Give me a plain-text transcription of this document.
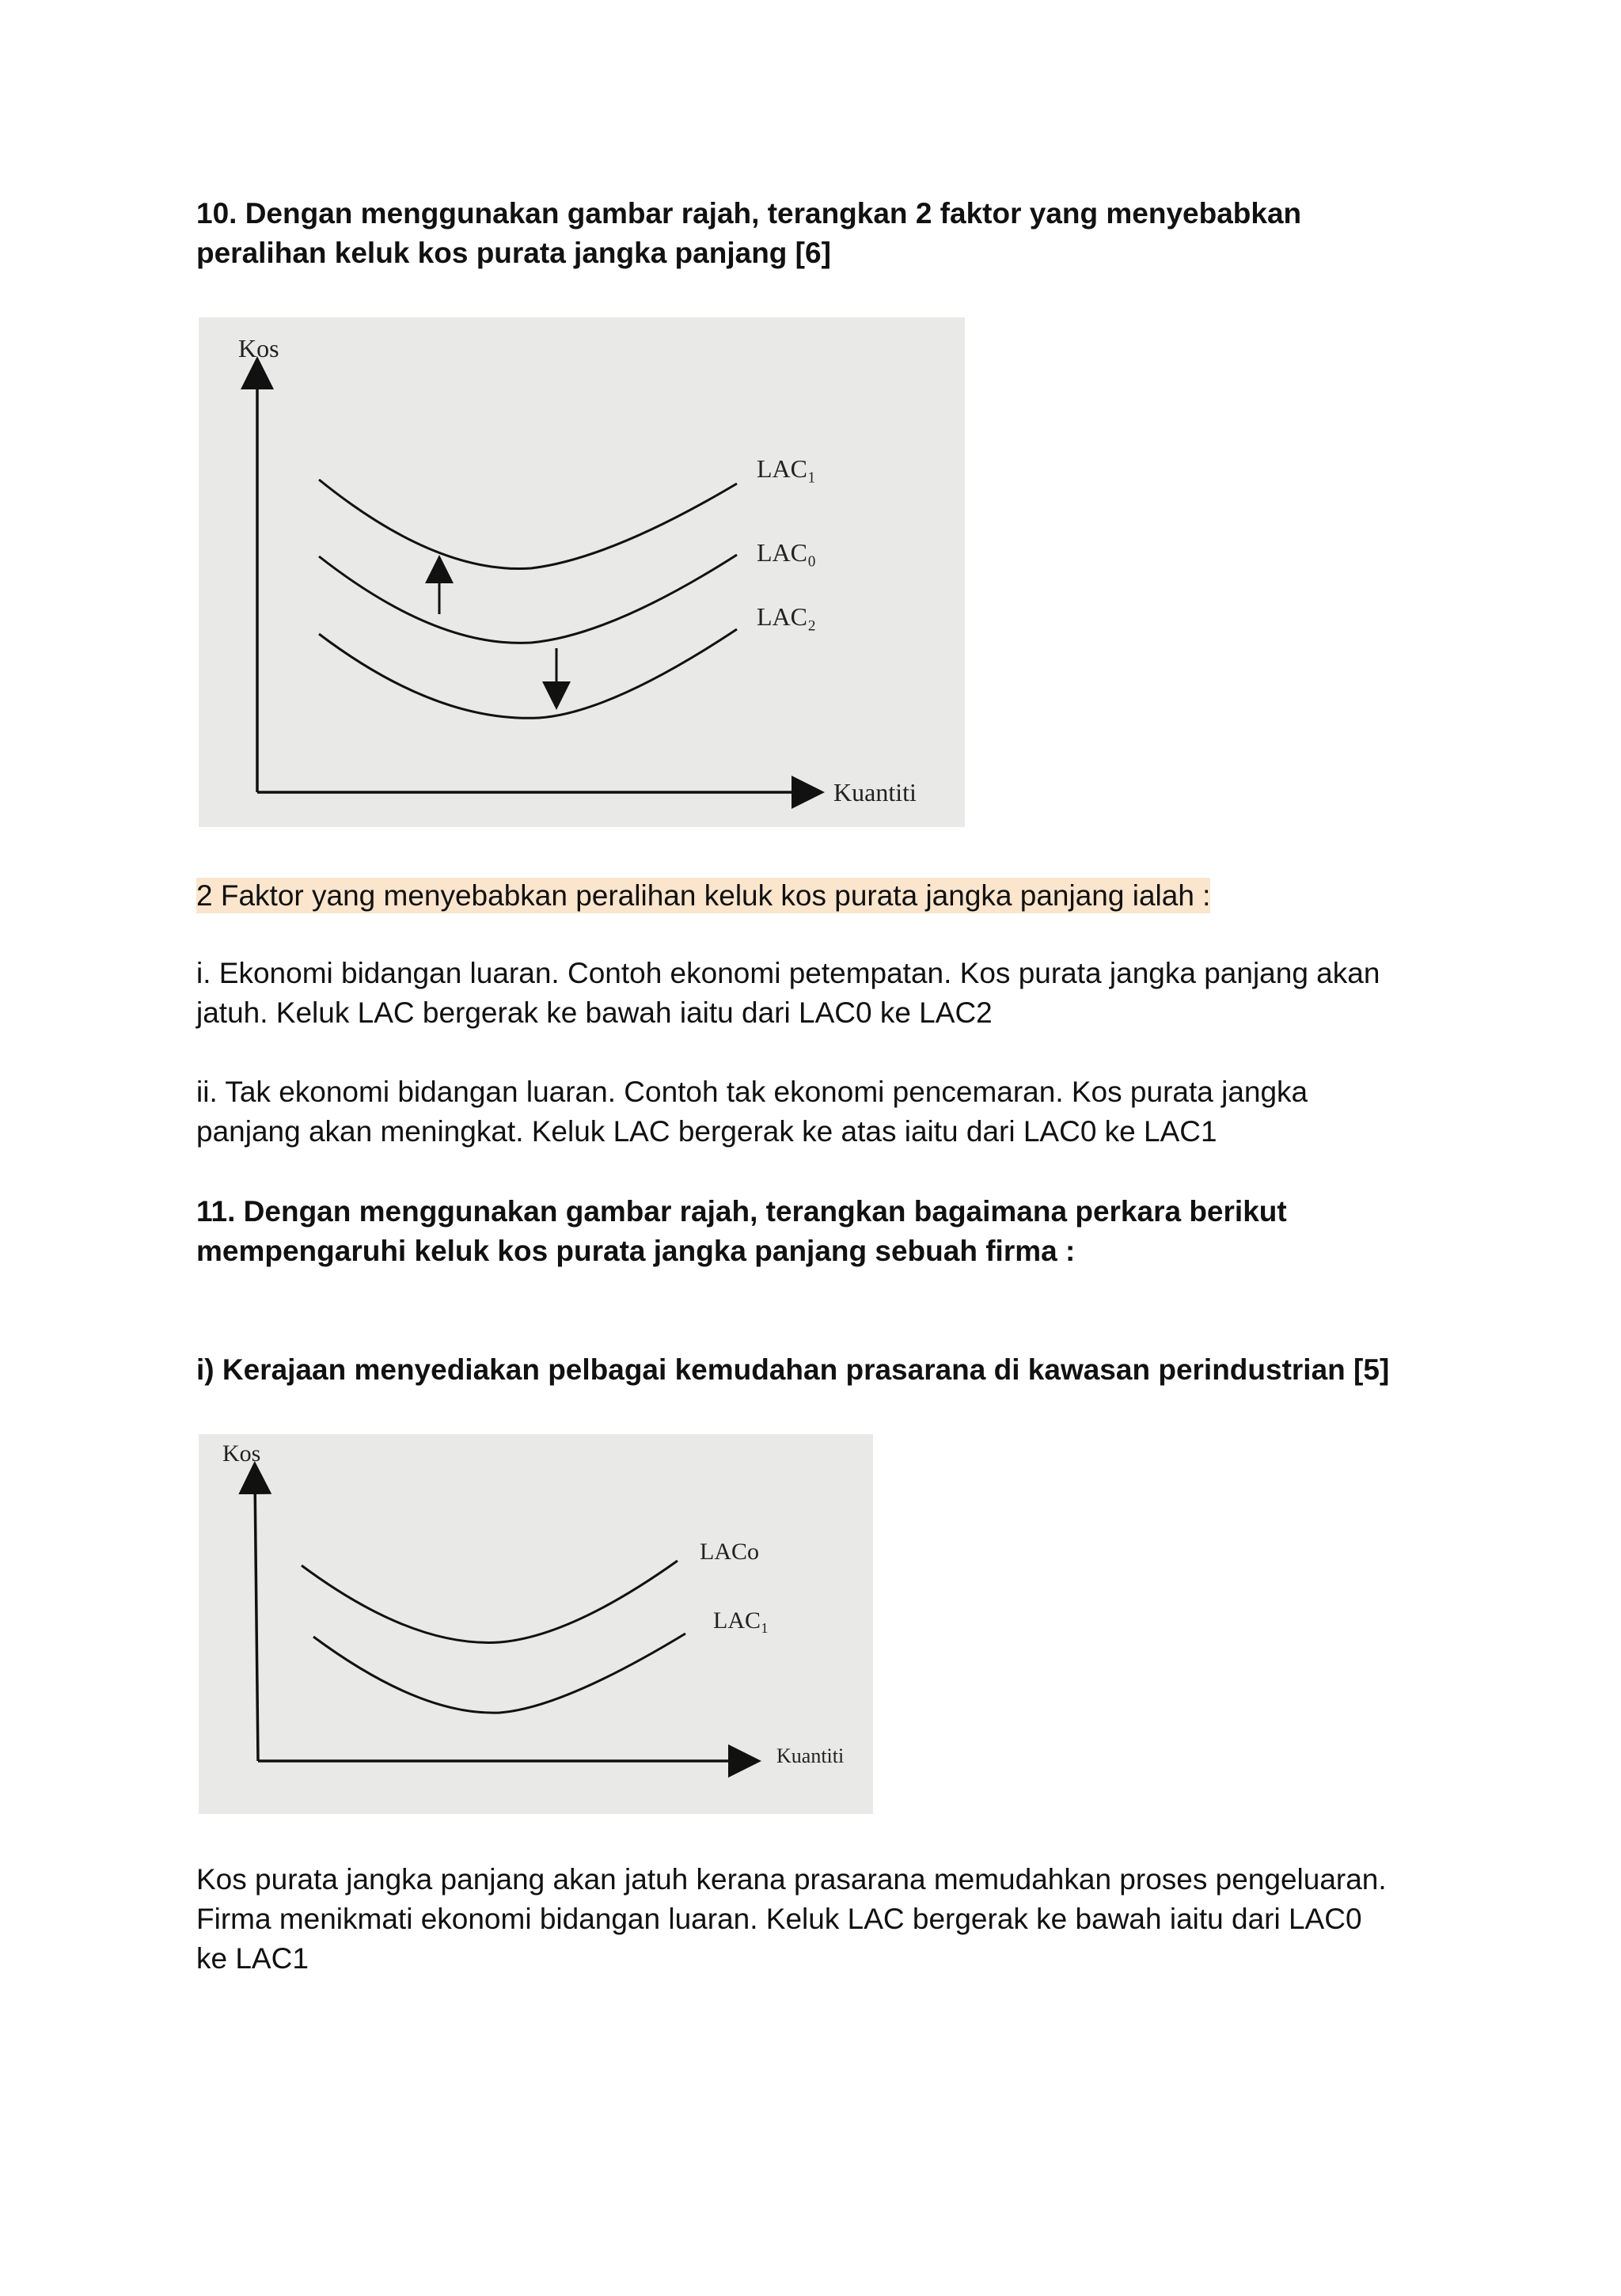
10. Dengan menggunakan gambar rajah, terangkan 2 faktor yang menyebabkan
peralihan keluk kos purata jangka panjang [6]

Kos
Kuantiti
LAC₁
LAC₀
LAC₂

2 Faktor yang menyebabkan peralihan keluk kos purata jangka panjang ialah :

i. Ekonomi bidangan luaran. Contoh ekonomi petempatan. Kos purata jangka panjang akan
jatuh. Keluk LAC bergerak ke bawah iaitu dari LAC0 ke LAC2

ii. Tak ekonomi bidangan luaran. Contoh tak ekonomi pencemaran. Kos purata jangka
panjang akan meningkat. Keluk LAC bergerak ke atas iaitu dari LAC0 ke LAC1

11. Dengan menggunakan gambar rajah, terangkan bagaimana perkara berikut
mempengaruhi keluk kos purata jangka panjang sebuah firma :

i) Kerajaan menyediakan pelbagai kemudahan prasarana di kawasan perindustrian [5]

Kos
Kuantiti
LACo
LAC₁

Kos purata jangka panjang akan jatuh kerana prasarana memudahkan proses pengeluaran.
Firma menikmati ekonomi bidangan luaran. Keluk LAC bergerak ke bawah iaitu dari LAC0
ke LAC1
